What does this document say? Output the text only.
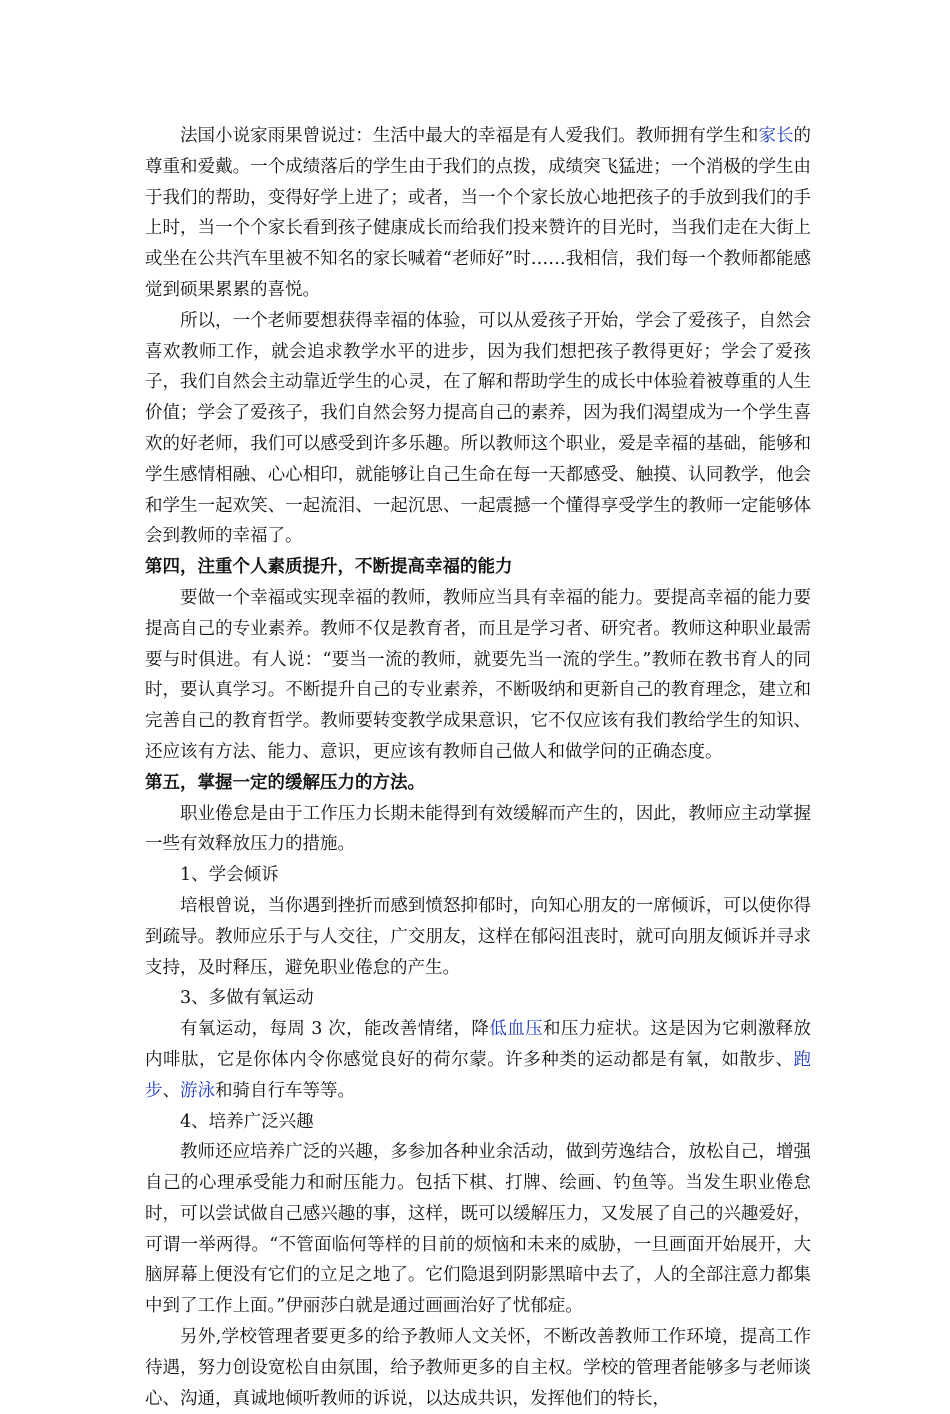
法国小说家雨果曾说过：生活中最大的幸福是有人爱我们。教师拥有学生和家长的尊重和爱戴。一个成绩落后的学生由于我们的点拨，成绩突飞猛进；一个消极的学生由于我们的帮助，变得好学上进了；或者，当一个个家长放心地把孩子的手放到我们的手上时，当一个个家长看到孩子健康成长而给我们投来赞许的目光时，当我们走在大街上或坐在公共汽车里被不知名的家长喊着“老师好”时……我相信，我们每一个教师都能感觉到硕果累累的喜悦。

所以，一个老师要想获得幸福的体验，可以从爱孩子开始，学会了爱孩子，自然会喜欢教师工作，就会追求教学水平的进步，因为我们想把孩子教得更好；学会了爱孩子，我们自然会主动靠近学生的心灵，在了解和帮助学生的成长中体验着被尊重的人生价值；学会了爱孩子，我们自然会努力提高自己的素养，因为我们渴望成为一个学生喜欢的好老师，我们可以感受到许多乐趣。所以教师这个职业，爱是幸福的基础，能够和学生感情相融、心心相印，就能够让自己生命在每一天都感受、触摸、认同教学，他会和学生一起欢笑、一起流泪、一起沉思、一起震撼一个懂得享受学生的教师一定能够体会到教师的幸福了。

第四，注重个人素质提升，不断提高幸福的能力

要做一个幸福或实现幸福的教师，教师应当具有幸福的能力。要提高幸福的能力要提高自己的专业素养。教师不仅是教育者，而且是学习者、研究者。教师这种职业最需要与时俱进。有人说：“要当一流的教师，就要先当一流的学生。”教师在教书育人的同时，要认真学习。不断提升自己的专业素养，不断吸纳和更新自己的教育理念，建立和完善自己的教育哲学。教师要转变教学成果意识，它不仅应该有我们教给学生的知识、还应该有方法、能力、意识，更应该有教师自己做人和做学问的正确态度。

第五，掌握一定的缓解压力的方法。

职业倦怠是由于工作压力长期未能得到有效缓解而产生的，因此，教师应主动掌握一些有效释放压力的措施。

1、学会倾诉

培根曾说，当你遇到挫折而感到愤怒抑郁时，向知心朋友的一席倾诉，可以使你得到疏导。教师应乐于与人交往，广交朋友，这样在郁闷沮丧时，就可向朋友倾诉并寻求支持，及时释压，避免职业倦怠的产生。

3、多做有氧运动

有氧运动，每周 3 次，能改善情绪，降低血压和压力症状。这是因为它刺激释放内啡肽，它是你体内令你感觉良好的荷尔蒙。许多种类的运动都是有氧，如散步、跑步、游泳和骑自行车等等。

4、培养广泛兴趣

教师还应培养广泛的兴趣，多参加各种业余活动，做到劳逸结合，放松自己，增强自己的心理承受能力和耐压能力。包括下棋、打牌、绘画、钓鱼等。当发生职业倦怠时，可以尝试做自己感兴趣的事，这样，既可以缓解压力，又发展了自己的兴趣爱好，可谓一举两得。“不管面临何等样的目前的烦恼和未来的威胁，一旦画面开始展开，大脑屏幕上便没有它们的立足之地了。它们隐退到阴影黑暗中去了，人的全部注意力都集中到了工作上面。”伊丽莎白就是通过画画治好了忧郁症。

另外,学校管理者要更多的给予教师人文关怀，不断改善教师工作环境，提高工作待遇，努力创设宽松自由氛围，给予教师更多的自主权。学校的管理者能够多与老师谈心、沟通，真诚地倾听教师的诉说，以达成共识，发挥他们的特长，
